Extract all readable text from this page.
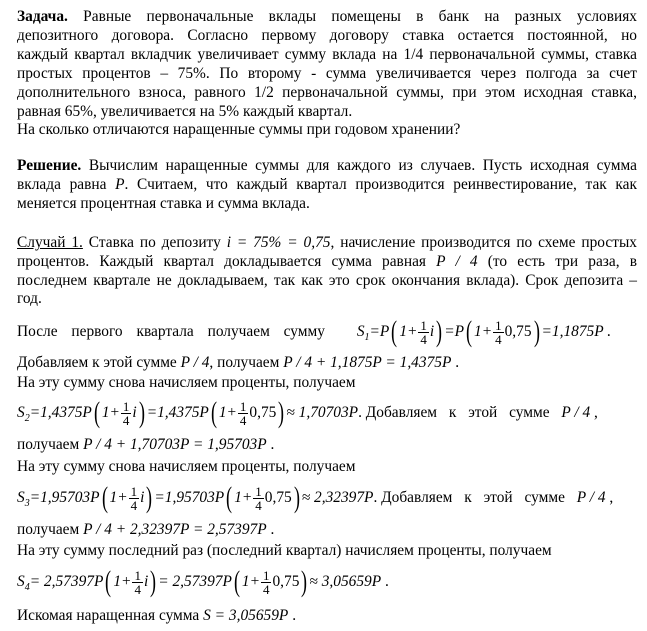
Задача. Равные первоначальные вклады помещены в банк на разных условиях
депозитного договора. Согласно первому договору ставка остается постоянной, но
каждый квартал вкладчик увеличивает сумму вклада на 1/4 первоначальной суммы, ставка
простых процентов – 75%. По второму - сумма увеличивается через полгода за счет
дополнительного взноса, равного 1/2 первоначальной суммы, при этом исходная ставка,
равная 65%, увеличивается на 5% каждый квартал.
На сколько отличаются наращенные суммы при годовом хранении?
Решение. Вычислим наращенные суммы для каждого из случаев. Пусть исходная сумма
вклада равна P. Считаем, что каждый квартал производится реинвестирование, так как
меняется процентная ставка и сумма вклада.
Случай 1. Ставка по депозиту i = 75% = 0,75, начисление производится по схеме простых
процентов. Каждый квартал докладывается сумма равная P / 4 (то есть три раза, в
последнем квартале не докладываем, так как это срок окончания вклада). Срок депозита –
год.
После первого квартала получаем сумму $S_1=P$( $1+ \frac{1}{4} i) =P$( $1+ \frac{1}{4} 0,75) =1,1875P$ .
Добавляем к этой сумме P / 4, получаем P / 4 + 1,1875P = 1,4375P .
На эту сумму снова начисляем проценты, получаем
$S_2=1,4375P$( $1+ \frac{1}{4} i) =1,4375P$( $1+ \frac{1}{4} 0,75) \approx 1,70703P$. Добавляем к этой сумме P / 4 ,
получаем P / 4 + 1,70703P = 1,95703P .
На эту сумму снова начисляем проценты, получаем
$S_3=1,95703P$( $1+ \frac{1}{4} i) =1,95703P$( $1+ \frac{1}{4} 0,75) \approx 2,32397P$. Добавляем к этой сумме P / 4 ,
получаем P / 4 + 2,32397P = 2,57397P .
На эту сумму последний раз (последний квартал) начисляем проценты, получаем
$S_4= 2,57397P$( $1+ \frac{1}{4} i) = 2,57397P$( $1+ \frac{1}{4} 0,75) \approx 3,05659P$ .
Искомая наращенная сумма S = 3,05659P .
